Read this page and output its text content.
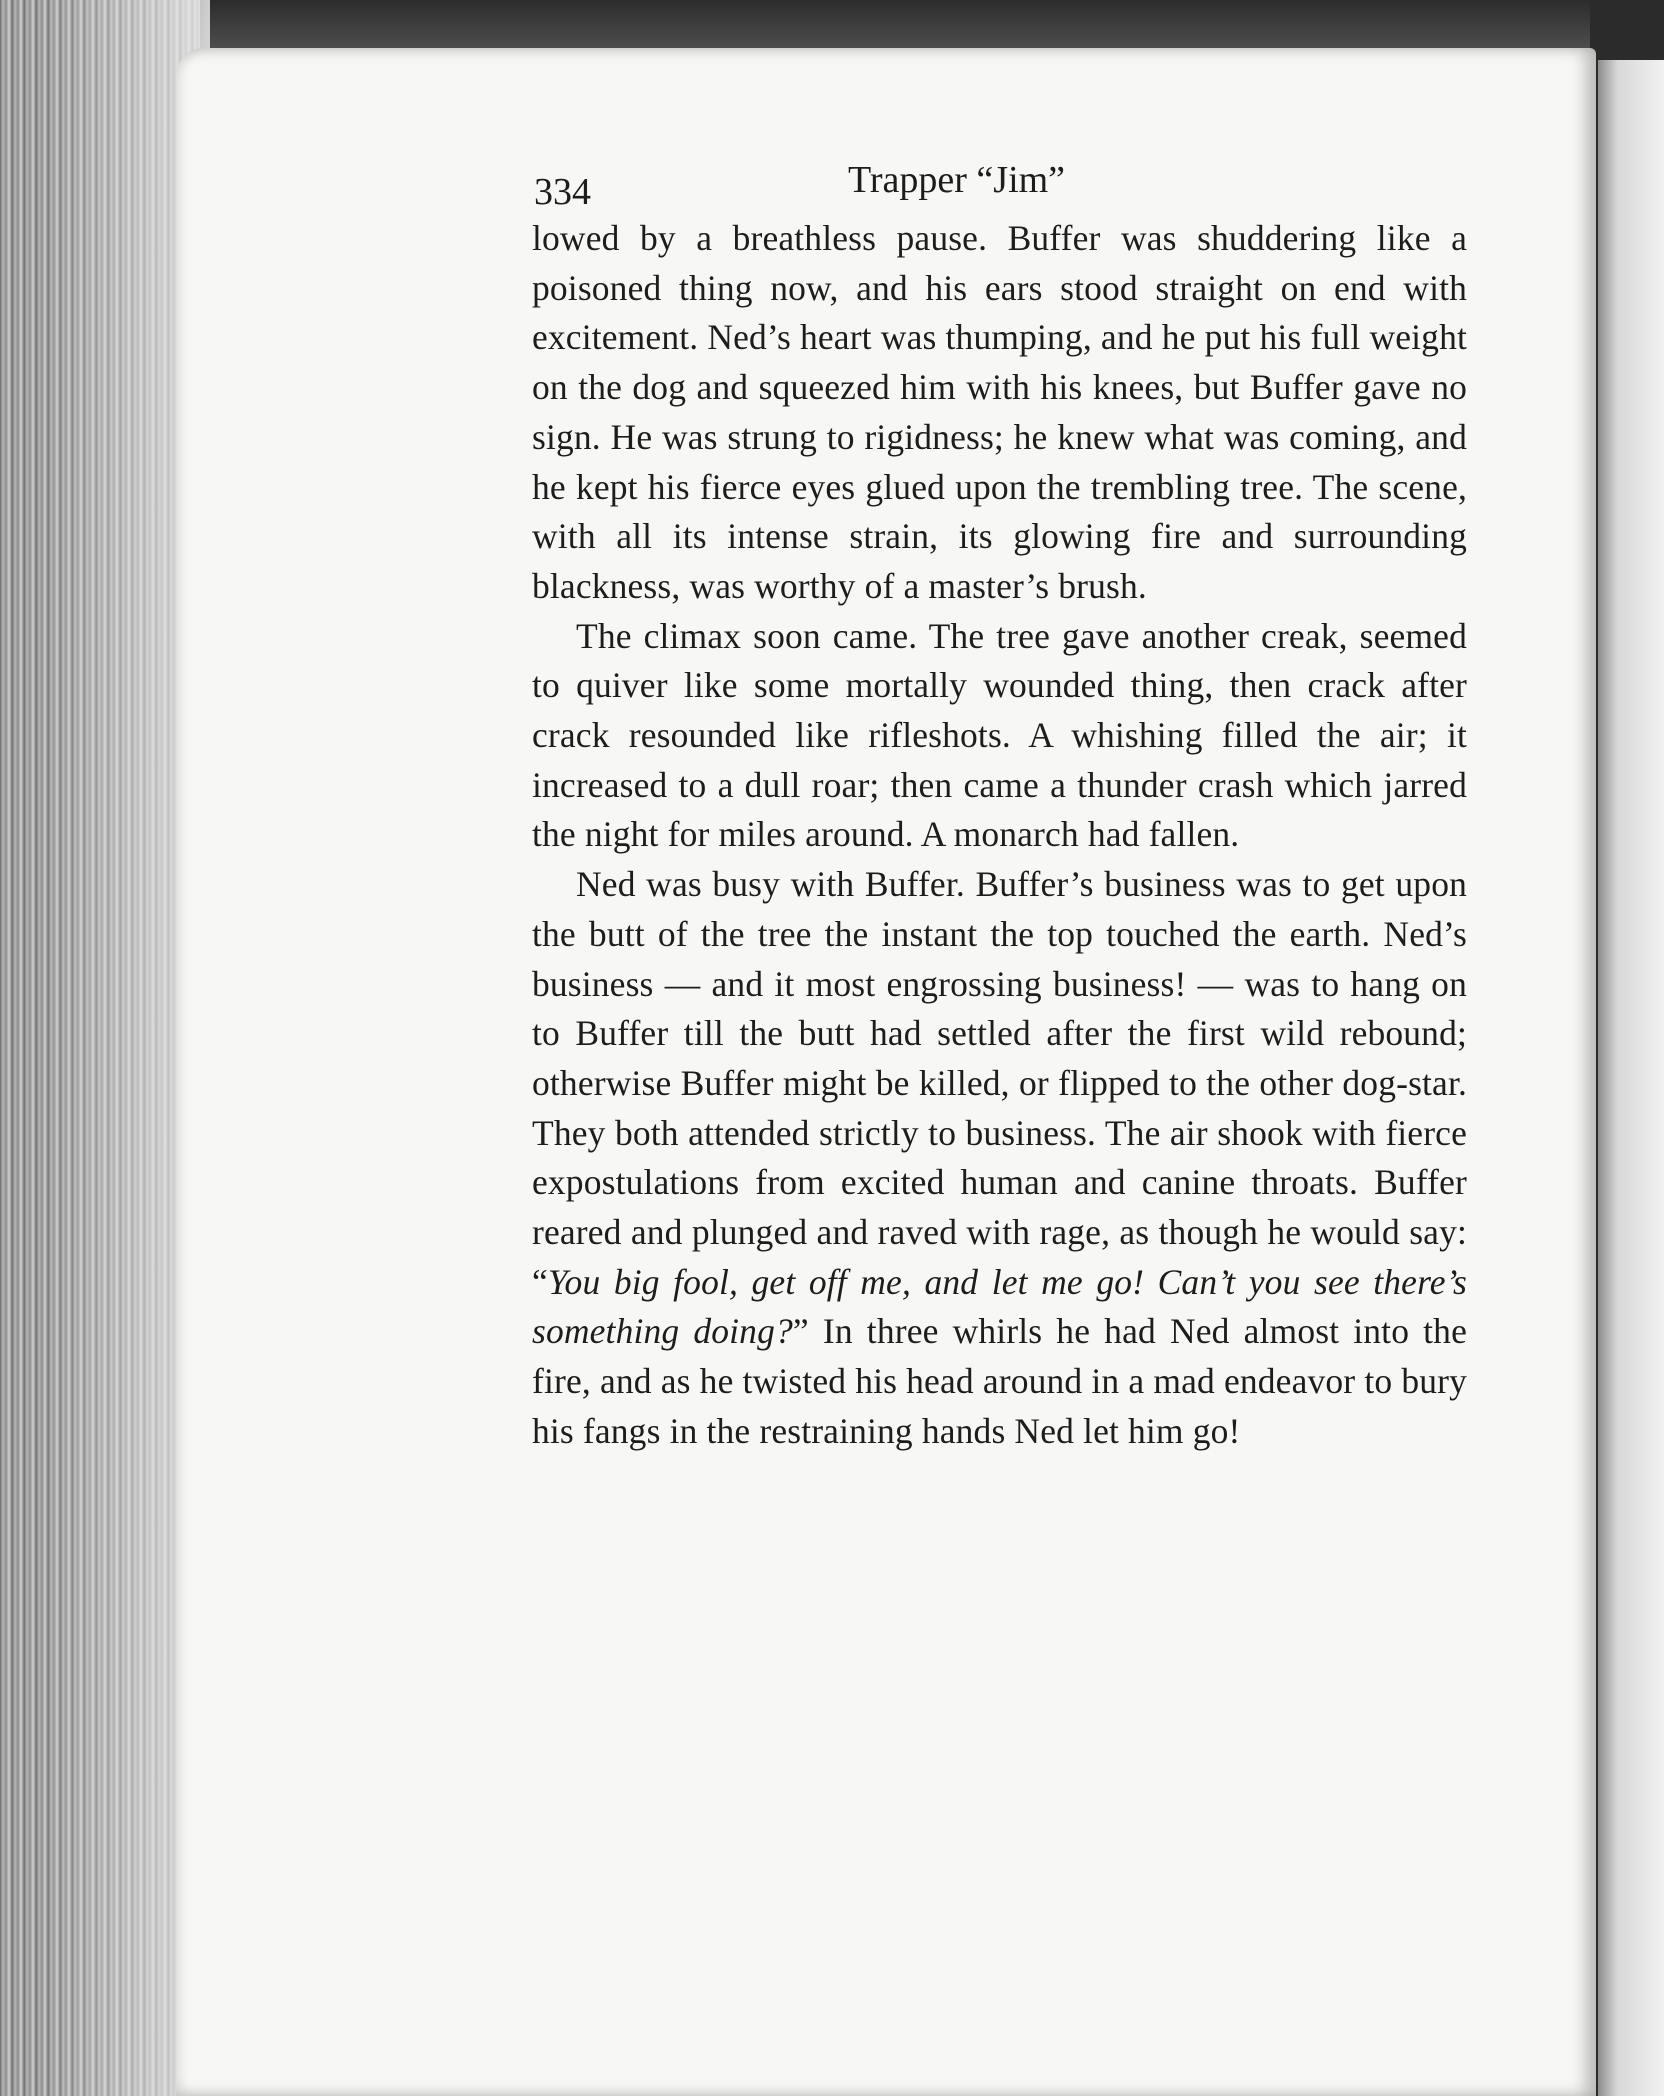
334	Trapper “Jim”

lowed by a breathless pause. Buffer was shuddering like a poisoned thing now, and his ears stood straight on end with excitement. Ned’s heart was thumping, and he put his full weight on the dog and squeezed him with his knees, but Buffer gave no sign. He was strung to rigidness; he knew what was coming, and he kept his fierce eyes glued upon the trembling tree. The scene, with all its intense strain, its glowing fire and surrounding blackness, was worthy of a master’s brush.

The climax soon came. The tree gave another creak, seemed to quiver like some mortally wounded thing, then crack after crack resounded like rifleshots. A whishing filled the air; it increased to a dull roar; then came a thunder crash which jarred the night for miles around. A monarch had fallen.

Ned was busy with Buffer. Buffer’s business was to get upon the butt of the tree the instant the top touched the earth. Ned’s business — and it most engrossing business! — was to hang on to Buffer till the butt had settled after the first wild rebound; otherwise Buffer might be killed, or flipped to the other dog-star. They both attended strictly to business. The air shook with fierce expostulations from excited human and canine throats. Buffer reared and plunged and raved with rage, as though he would say: “You big fool, get off me, and let me go! Can’t you see there’s something doing?” In three whirls he had Ned almost into the fire, and as he twisted his head around in a mad endeavor to bury his fangs in the restraining hands Ned let him go!
